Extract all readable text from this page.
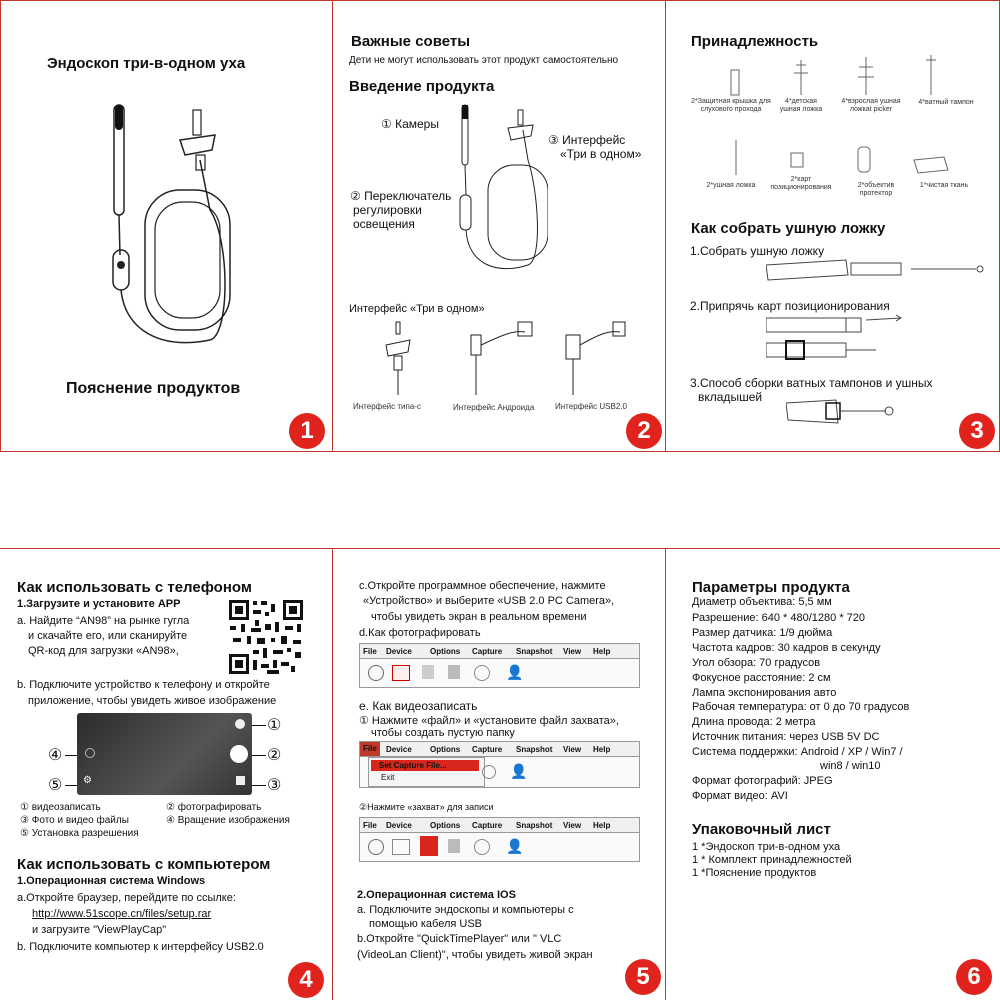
Эндоскоп три-в-одном уха
Пояснение продуктов
1
Важные советы
Дети не могут использовать этот продукт самостоятельно
Введение продукта
① Камеры
③ Интерфейс
«Три в одном»
② Переключатель
регулировки
освещения
Интерфейс «Три в одном»
Интерфейс типа-с	Интерфейс Андроида	Интерфейс USB2.0
2
Принадлежность
2*Защитная крышка для слухового прохода
4*детская ушная ложка
4*взрослая ушная ложкаt picker
4*ватный тампон
2*ушная ложка
2*карт позиционирования	2*объектив протектор
1*чистая ткань
Как собрать ушную ложку
1.Собрать ушную ложку
2.Припрячь карт позиционирования
3.Способ сборки ватных тампонов и ушных
вкладышей
3
Как использовать с телефоном
1.Загрузите и установите APP
a. Найдите “AN98” на рынке гугла
и скачайте его, или сканируйте
QR-код для загрузки «AN98»,
b. Подключите устройство к телефону и откройте
приложение, чтобы увидеть живое изображение
⚙
①
②
③
④
⑤
① видеозаписать	② фотографировать
③ Фото и видео файлы	④ Вращение изображения
⑤ Установка разрешения
Как использовать с компьютером
1.Операционная система Windows
a.Откройте браузер, перейдите по ссылке:
http://www.51scope.cn/files/setup.rar
и загрузите "ViewPlayCap"
b. Подключите компьютер к интерфейсу USB2.0
4
c.Откройте программное обеспечение, нажмите
«Устройство» и выберите «USB 2.0 PC Camera»,
чтобы увидеть экран в реальном времени
d.Как фотографировать
File Device Options Capture Snapshot View Help
👤
e. Как видеозаписать
① Нажмите «файл» и «установите файл захвата»,
чтобы создать пустую папку
File	Device Options Capture Snapshot View Help
Set Capture File...
Exit	👤
②Нажмите «захват» для записи
File Device Options Capture Snapshot View Help
👤
2.Операционная система IOS
a. Подключите эндоскопы и компьютеры с
помощью кабеля USB
b.Откройте "QuickTimePlayer" или " VLC
(VideoLan Client)", чтобы увидеть живой экран
5
Параметры продукта
Диаметр объектива: 5,5 мм
Разрешение: 640 * 480/1280 * 720
Размер датчика: 1/9 дюйма
Частота кадров: 30 кадров в секунду
Угол обзора: 70 градусов
Фокусное расстояние: 2 см
Лампа экспонирования авто
Рабочая температура: от 0 до 70 градусов
Длина провода: 2 метра
Источник питания: через USB 5V DC
Система поддержки: Android / XP / Win7 /
win8 / win10
Формат фотографий: JPEG
Формат видео: AVI
Упаковочный лист
1 *Эндоскоп три-в-одном уха
1 * Комплект принадлежностей
1 *Пояснение продуктов
6
